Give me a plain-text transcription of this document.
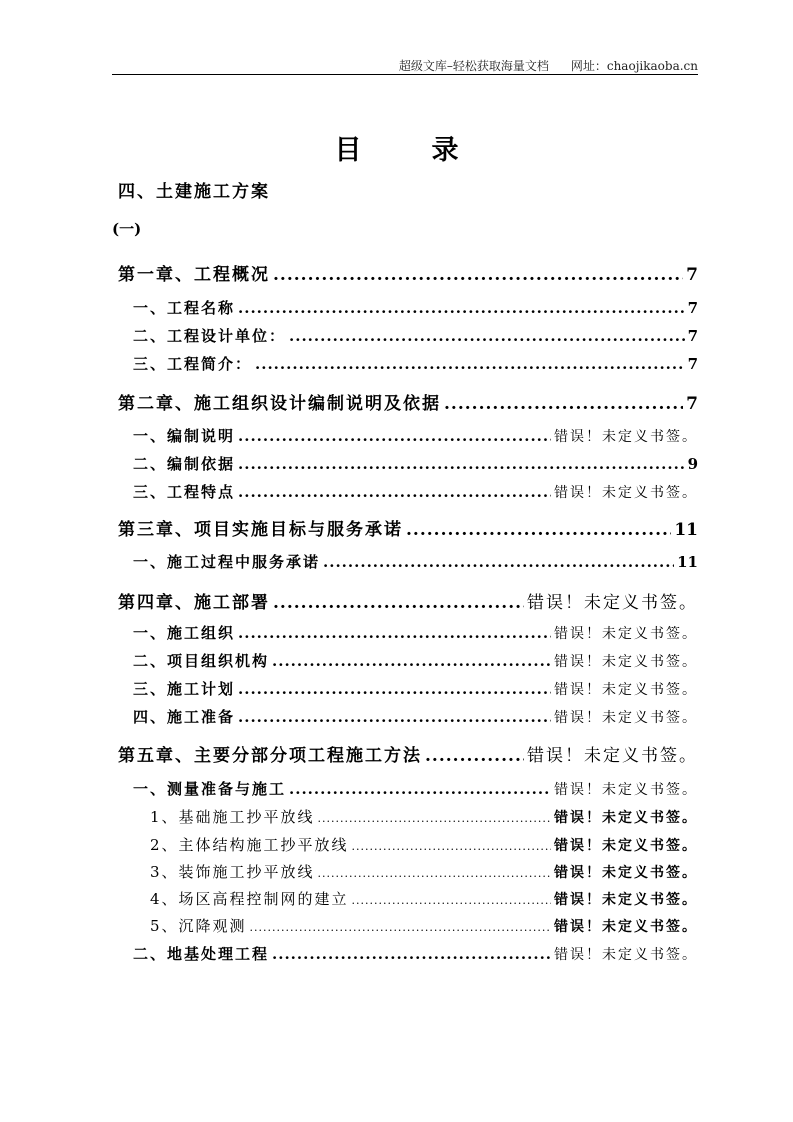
超级文库–轻松获取海量文档 网址：chaojikaoba.cn
目录
四、土建施工方案
(一)
第一章、工程概况 .....	7
一、工程名称 .....	7
二、工程设计单位： .....	7
三、工程简介： .....	7
第二章、施工组织设计编制说明及依据 .....	7
一、编制说明 .....	错误！未定义书签。
二、编制依据 .....	9
三、工程特点 .....	错误！未定义书签。
第三章、项目实施目标与服务承诺 .....	11
一、施工过程中服务承诺 .....	11
第四章、施工部署 .....	错误！未定义书签。
一、施工组织 .....	错误！未定义书签。
二、项目组织机构 .....	错误！未定义书签。
三、施工计划 .....	错误！未定义书签。
四、施工准备 .....	错误！未定义书签。
第五章、主要分部分项工程施工方法 .....	错误！未定义书签。
一、测量准备与施工 .....	错误！未定义书签。
1、基础施工抄平放线 .....	错误！未定义书签。
2、主体结构施工抄平放线 .....	错误！未定义书签。
3、装饰施工抄平放线 .....	错误！未定义书签。
4、场区高程控制网的建立 .....	错误！未定义书签。
5、沉降观测 .....	错误！未定义书签。
二、地基处理工程 .....	错误！未定义书签。
